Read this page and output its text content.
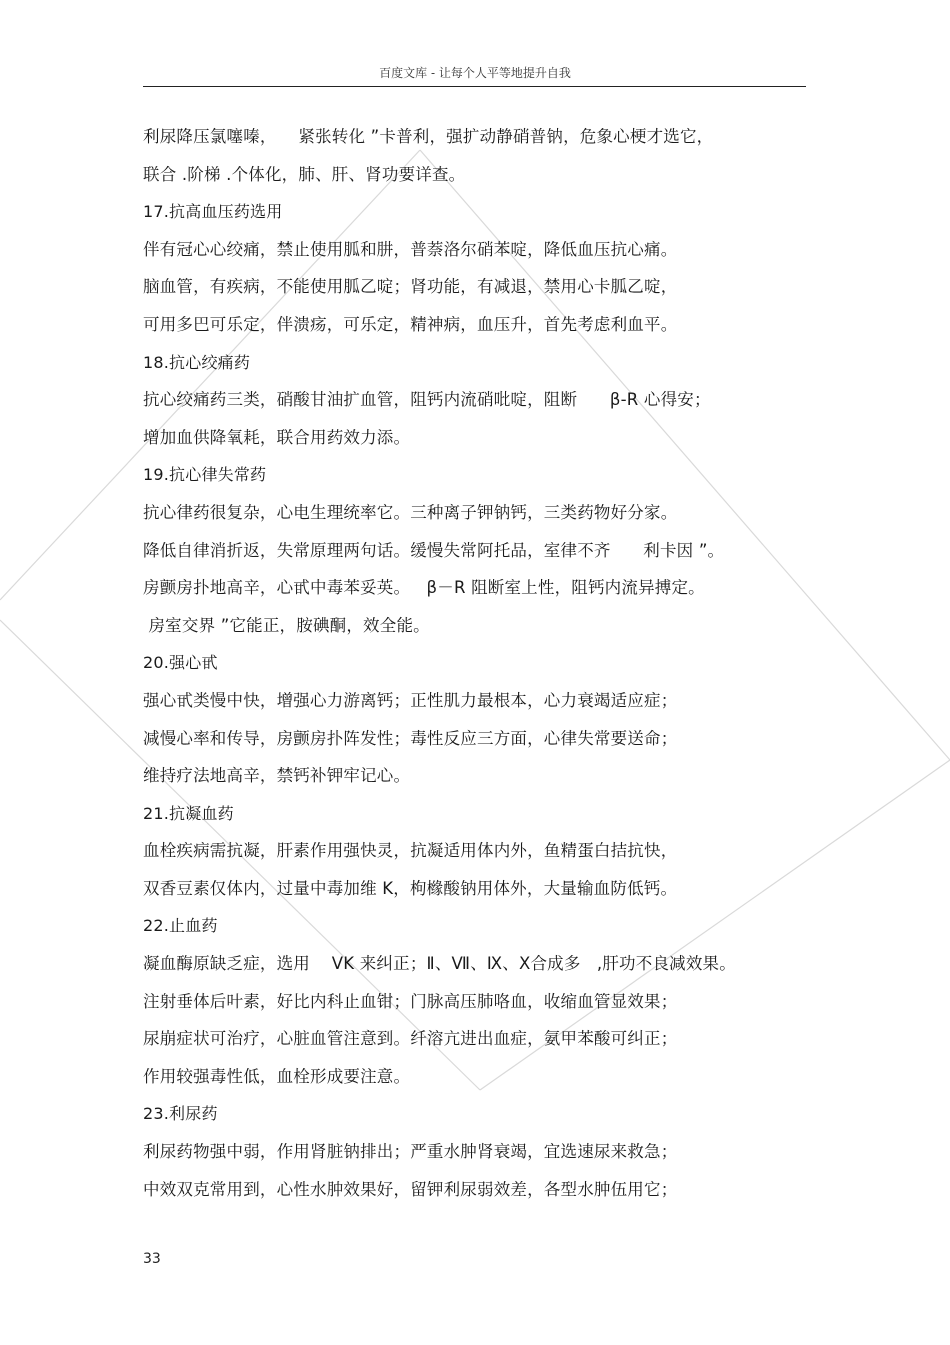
百度文库 - 让每个人平等地提升自我
利尿降压氯噻嗪，    紧张转化 ”卡普利，强扩动静硝普钠，危象心梗才选它，
联合 .阶梯 .个体化，肺、肝、肾功要详查。
17.抗高血压药选用
伴有冠心心绞痛，禁止使用胍和肼，普萘洛尔硝苯啶，降低血压抗心痛。
脑血管，有疾病，不能使用胍乙啶；肾功能，有减退，禁用心卡胍乙啶，
可用多巴可乐定，伴溃疡，可乐定，精神病，血压升，首先考虑利血平。
18.抗心绞痛药
抗心绞痛药三类，硝酸甘油扩血管，阻钙内流硝吡啶，阻断      β-R 心得安；
增加血供降氧耗，联合用药效力添。
19.抗心律失常药
抗心律药很复杂，心电生理统率它。三种离子钾钠钙，三类药物好分家。
降低自律消折返，失常原理两句话。缓慢失常阿托品，室律不齐      利卡因 ”。
房颤房扑地高辛，心甙中毒苯妥英。   β－R 阻断室上性，阻钙内流异搏定。
房室交界 ”它能正，胺碘酮，效全能。
20.强心甙
强心甙类慢中快，增强心力游离钙；正性肌力最根本，心力衰竭适应症；
减慢心率和传导，房颤房扑阵发性；毒性反应三方面，心律失常要送命；
维持疗法地高辛，禁钙补钾牢记心。
21.抗凝血药
血栓疾病需抗凝，肝素作用强快灵，抗凝适用体内外，鱼精蛋白拮抗快，
双香豆素仅体内，过量中毒加维 K，枸橼酸钠用体外，大量输血防低钙。
22.止血药
凝血酶原缺乏症，选用    VK 来纠正；Ⅱ、Ⅶ、Ⅸ、Ⅹ合成多   ,肝功不良减效果。
注射垂体后叶素，好比内科止血钳；门脉高压肺咯血，收缩血管显效果；
尿崩症状可治疗，心脏血管注意到。纤溶亢进出血症，氨甲苯酸可纠正；
作用较强毒性低，血栓形成要注意。
23.利尿药
利尿药物强中弱，作用肾脏钠排出；严重水肿肾衰竭，宜选速尿来救急；
中效双克常用到，心性水肿效果好，留钾利尿弱效差，各型水肿伍用它；
33
